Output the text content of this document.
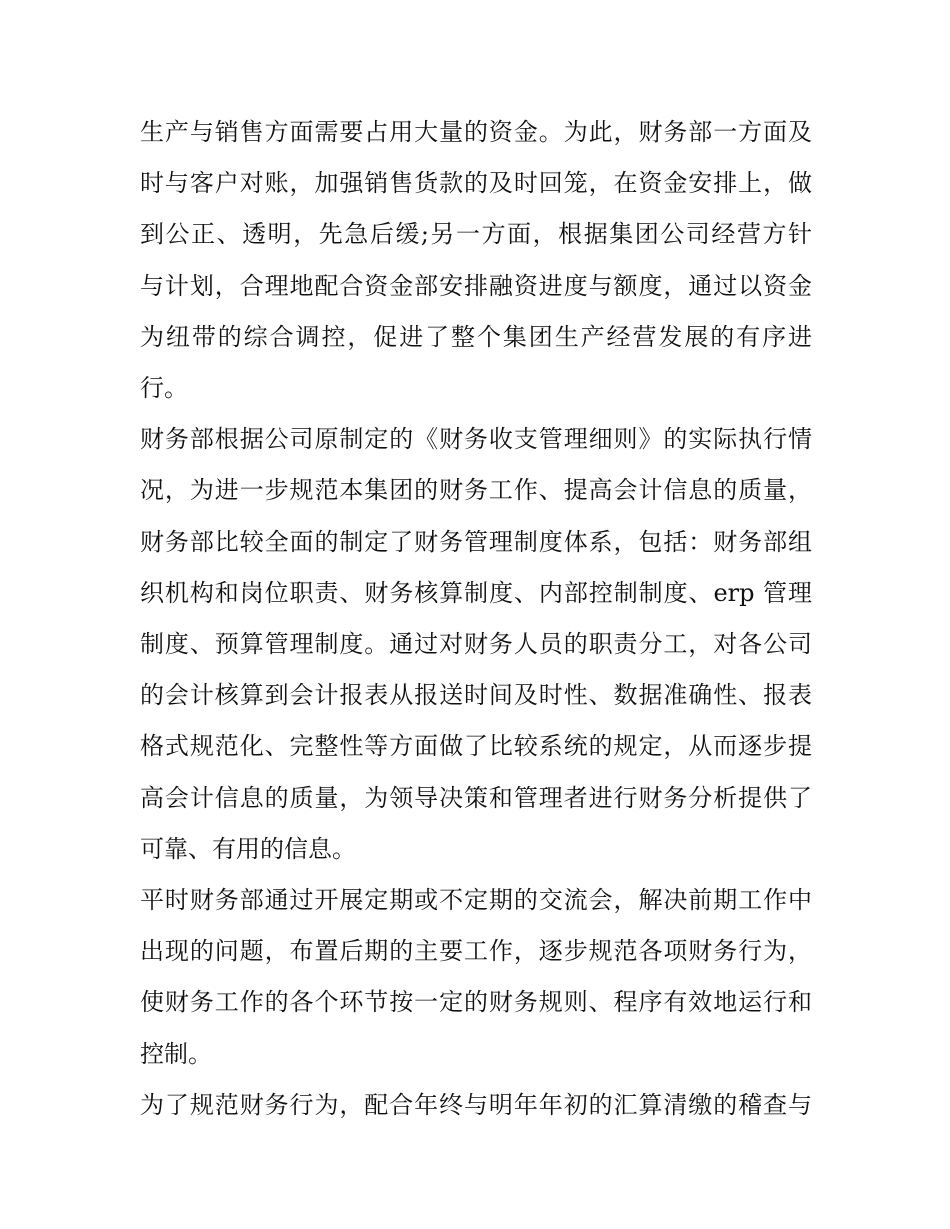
生产与销售方面需要占用大量的资金。为此，财务部一方面及
时与客户对账，加强销售货款的及时回笼，在资金安排上，做
到公正、透明，先急后缓;另一方面，根据集团公司经营方针
与计划，合理地配合资金部安排融资进度与额度，通过以资金
为纽带的综合调控，促进了整个集团生产经营发展的有序进
行。

财务部根据公司原制定的《财务收支管理细则》的实际执行情
况，为进一步规范本集团的财务工作、提高会计信息的质量，
财务部比较全面的制定了财务管理制度体系，包括：财务部组
织机构和岗位职责、财务核算制度、内部控制制度、erp 管理
制度、预算管理制度。通过对财务人员的职责分工，对各公司
的会计核算到会计报表从报送时间及时性、数据准确性、报表
格式规范化、完整性等方面做了比较系统的规定，从而逐步提
高会计信息的质量，为领导决策和管理者进行财务分析提供了
可靠、有用的信息。

平时财务部通过开展定期或不定期的交流会，解决前期工作中
出现的问题，布置后期的主要工作，逐步规范各项财务行为，
使财务工作的各个环节按一定的财务规则、程序有效地运行和
控制。

为了规范财务行为，配合年终与明年年初的汇算清缴的稽查与
